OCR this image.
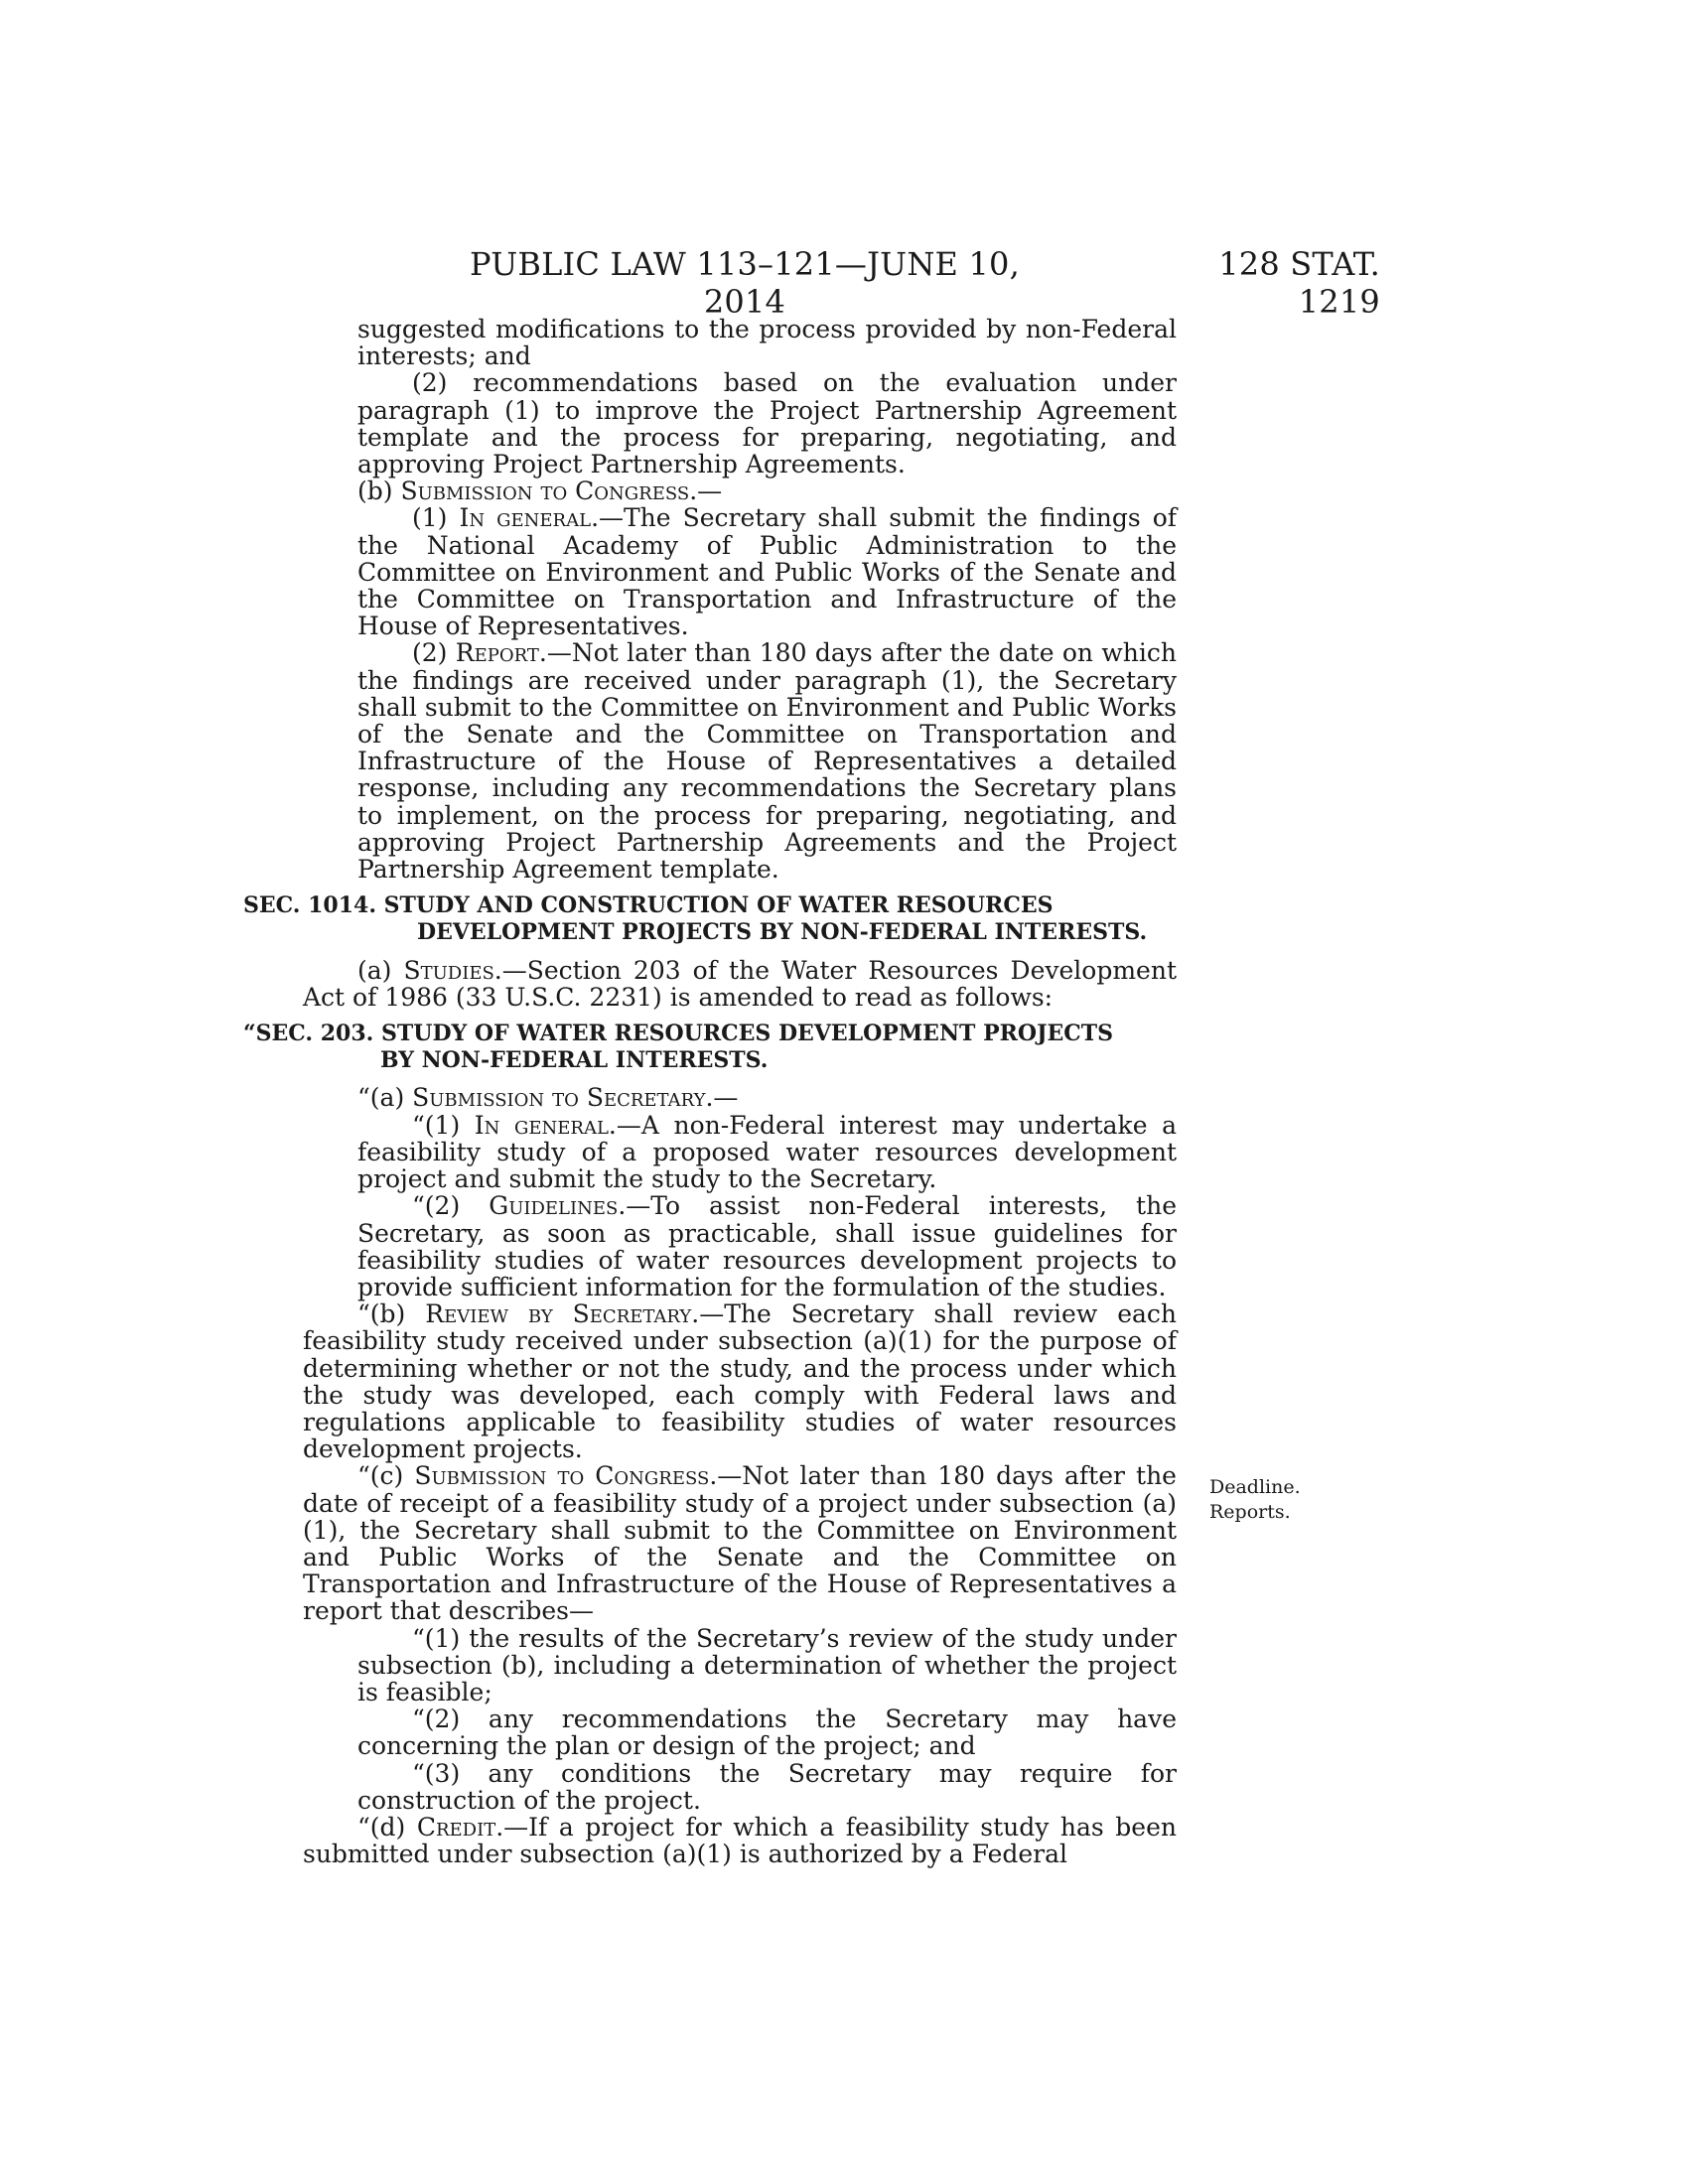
PUBLIC LAW 113–121—JUNE 10, 2014
128 STAT. 1219

suggested modifications to the process provided by non-Federal interests; and

(2) recommendations based on the evaluation under paragraph (1) to improve the Project Partnership Agreement template and the process for preparing, negotiating, and approving Project Partnership Agreements.

(b) Submission to Congress.—

(1) In general.—The Secretary shall submit the findings of the National Academy of Public Administration to the Committee on Environment and Public Works of the Senate and the Committee on Transportation and Infrastructure of the House of Representatives.

(2) Report.—Not later than 180 days after the date on which the findings are received under paragraph (1), the Secretary shall submit to the Committee on Environment and Public Works of the Senate and the Committee on Transportation and Infrastructure of the House of Representatives a detailed response, including any recommendations the Secretary plans to implement, on the process for preparing, negotiating, and approving Project Partnership Agreements and the Project Partnership Agreement template.

SEC. 1014. STUDY AND CONSTRUCTION OF WATER RESOURCES
DEVELOPMENT PROJECTS BY NON-FEDERAL INTERESTS.

(a) Studies.—Section 203 of the Water Resources Development Act of 1986 (33 U.S.C. 2231) is amended to read as follows:

“SEC. 203. STUDY OF WATER RESOURCES DEVELOPMENT PROJECTS
BY NON-FEDERAL INTERESTS.

“(a) Submission to Secretary.—

“(1) In general.—A non-Federal interest may undertake a feasibility study of a proposed water resources development project and submit the study to the Secretary.

“(2) Guidelines.—To assist non-Federal interests, the Secretary, as soon as practicable, shall issue guidelines for feasibility studies of water resources development projects to provide sufficient information for the formulation of the studies.

“(b) Review by Secretary.—The Secretary shall review each feasibility study received under subsection (a)(1) for the purpose of determining whether or not the study, and the process under which the study was developed, each comply with Federal laws and regulations applicable to feasibility studies of water resources development projects.

“(c) Submission to Congress.—Not later than 180 days after the date of receipt of a feasibility study of a project under subsection (a)(1), the Secretary shall submit to the Committee on Environment and Public Works of the Senate and the Committee on Transportation and Infrastructure of the House of Representatives a report that describes—

“(1) the results of the Secretary’s review of the study under subsection (b), including a determination of whether the project is feasible;

“(2) any recommendations the Secretary may have concerning the plan or design of the project; and

“(3) any conditions the Secretary may require for construction of the project.

“(d) Credit.—If a project for which a feasibility study has been submitted under subsection (a)(1) is authorized by a Federal

Deadline.
Reports.
